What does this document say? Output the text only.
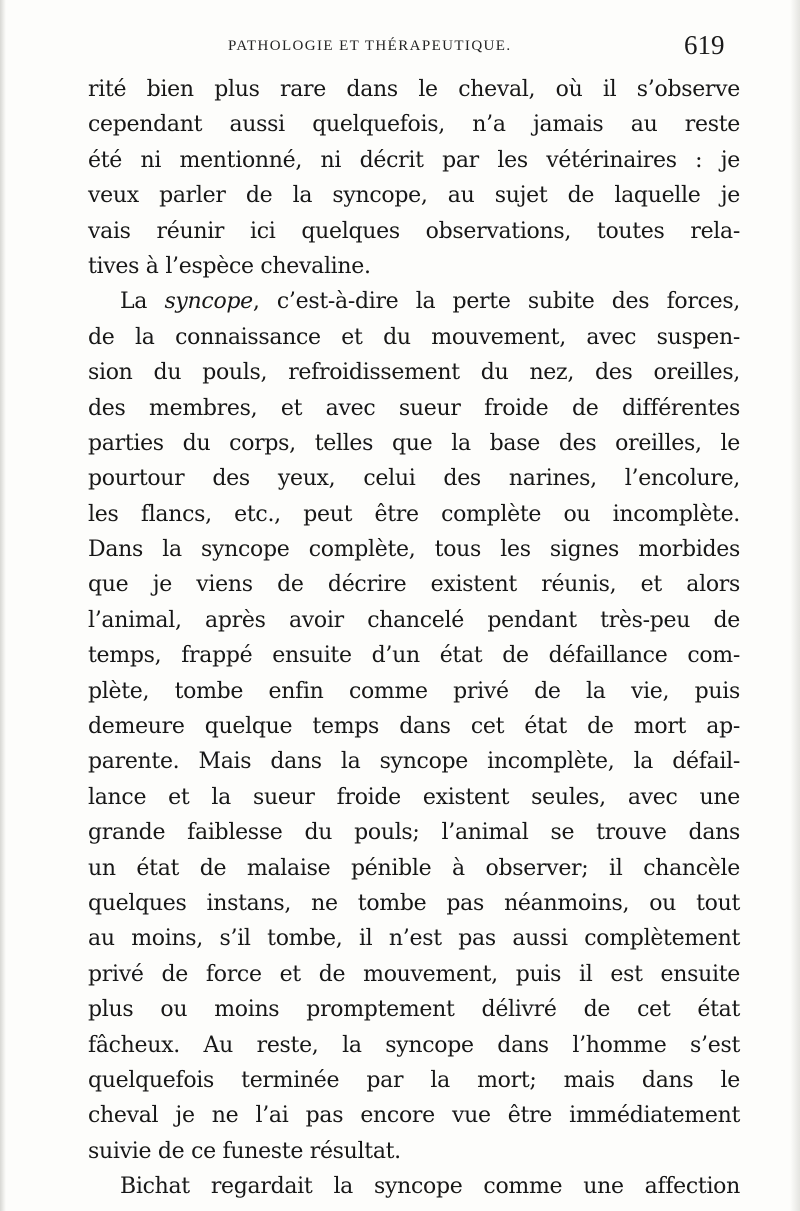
PATHOLOGIE ET THÉRAPEUTIQUE.	619
rité bien plus rare dans le cheval, où il s’observe
cependant aussi quelquefois, n’a jamais au reste
été ni mentionné, ni décrit par les vétérinaires : je
veux parler de la syncope, au sujet de laquelle je
vais réunir ici quelques observations, toutes rela-
tives à l’espèce chevaline.
La syncope, c’est-à-dire la perte subite des forces,
de la connaissance et du mouvement, avec suspen-
sion du pouls, refroidissement du nez, des oreilles,
des membres, et avec sueur froide de différentes
parties du corps, telles que la base des oreilles, le
pourtour des yeux, celui des narines, l’encolure,
les flancs, etc., peut être complète ou incomplète.
Dans la syncope complète, tous les signes morbides
que je viens de décrire existent réunis, et alors
l’animal, après avoir chancelé pendant très-peu de
temps, frappé ensuite d’un état de défaillance com-
plète, tombe enfin comme privé de la vie, puis
demeure quelque temps dans cet état de mort ap-
parente. Mais dans la syncope incomplète, la défail-
lance et la sueur froide existent seules, avec une
grande faiblesse du pouls; l’animal se trouve dans
un état de malaise pénible à observer; il chancèle
quelques instans, ne tombe pas néanmoins, ou tout
au moins, s’il tombe, il n’est pas aussi complètement
privé de force et de mouvement, puis il est ensuite
plus ou moins promptement délivré de cet état
fâcheux. Au reste, la syncope dans l’homme s’est
quelquefois terminée par la mort; mais dans le
cheval je ne l’ai pas encore vue être immédiatement
suivie de ce funeste résultat.
Bichat regardait la syncope comme une affection
